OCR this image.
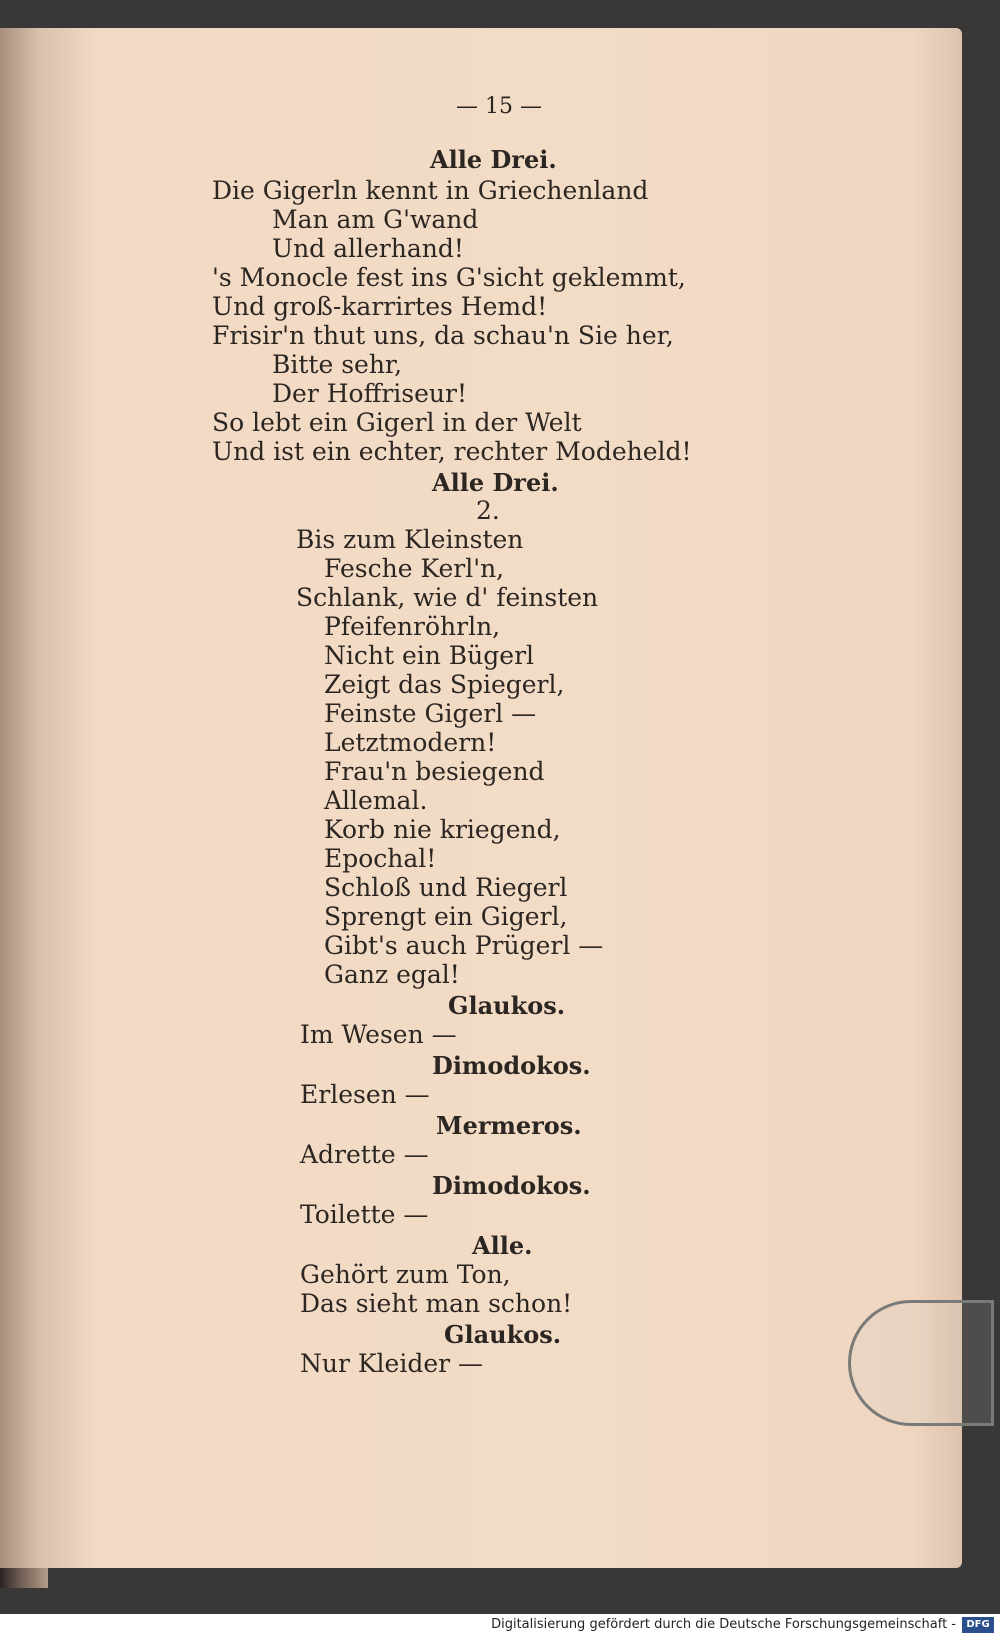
— 15 —
Alle Drei.
Die Gigerln kennt in Griechenland
Man am G'wand
Und allerhand!
's Monocle fest ins G'sicht geklemmt,
Und groß-karrirtes Hemd!
Frisir'n thut uns, da schau'n Sie her,
Bitte sehr,
Der Hoffriseur!
So lebt ein Gigerl in der Welt
Und ist ein echter, rechter Modeheld!
Alle Drei.
2.
Bis zum Kleinsten
Fesche Kerl'n,
Schlank, wie d' feinsten
Pfeifenröhrln,
Nicht ein Bügerl
Zeigt das Spiegerl,
Feinste Gigerl —
Letztmodern!
Frau'n besiegend
Allemal.
Korb nie kriegend,
Epochal!
Schloß und Riegerl
Sprengt ein Gigerl,
Gibt's auch Prügerl —
Ganz egal!
Glaukos.
Im Wesen —
Dimodokos.
Erlesen —
Mermeros.
Adrette —
Dimodokos.
Toilette —
Alle.
Gehört zum Ton,
Das sieht man schon!
Glaukos.
Nur Kleider —
Digitalisierung gefördert durch die Deutsche Forschungsgemeinschaft -	DFG
